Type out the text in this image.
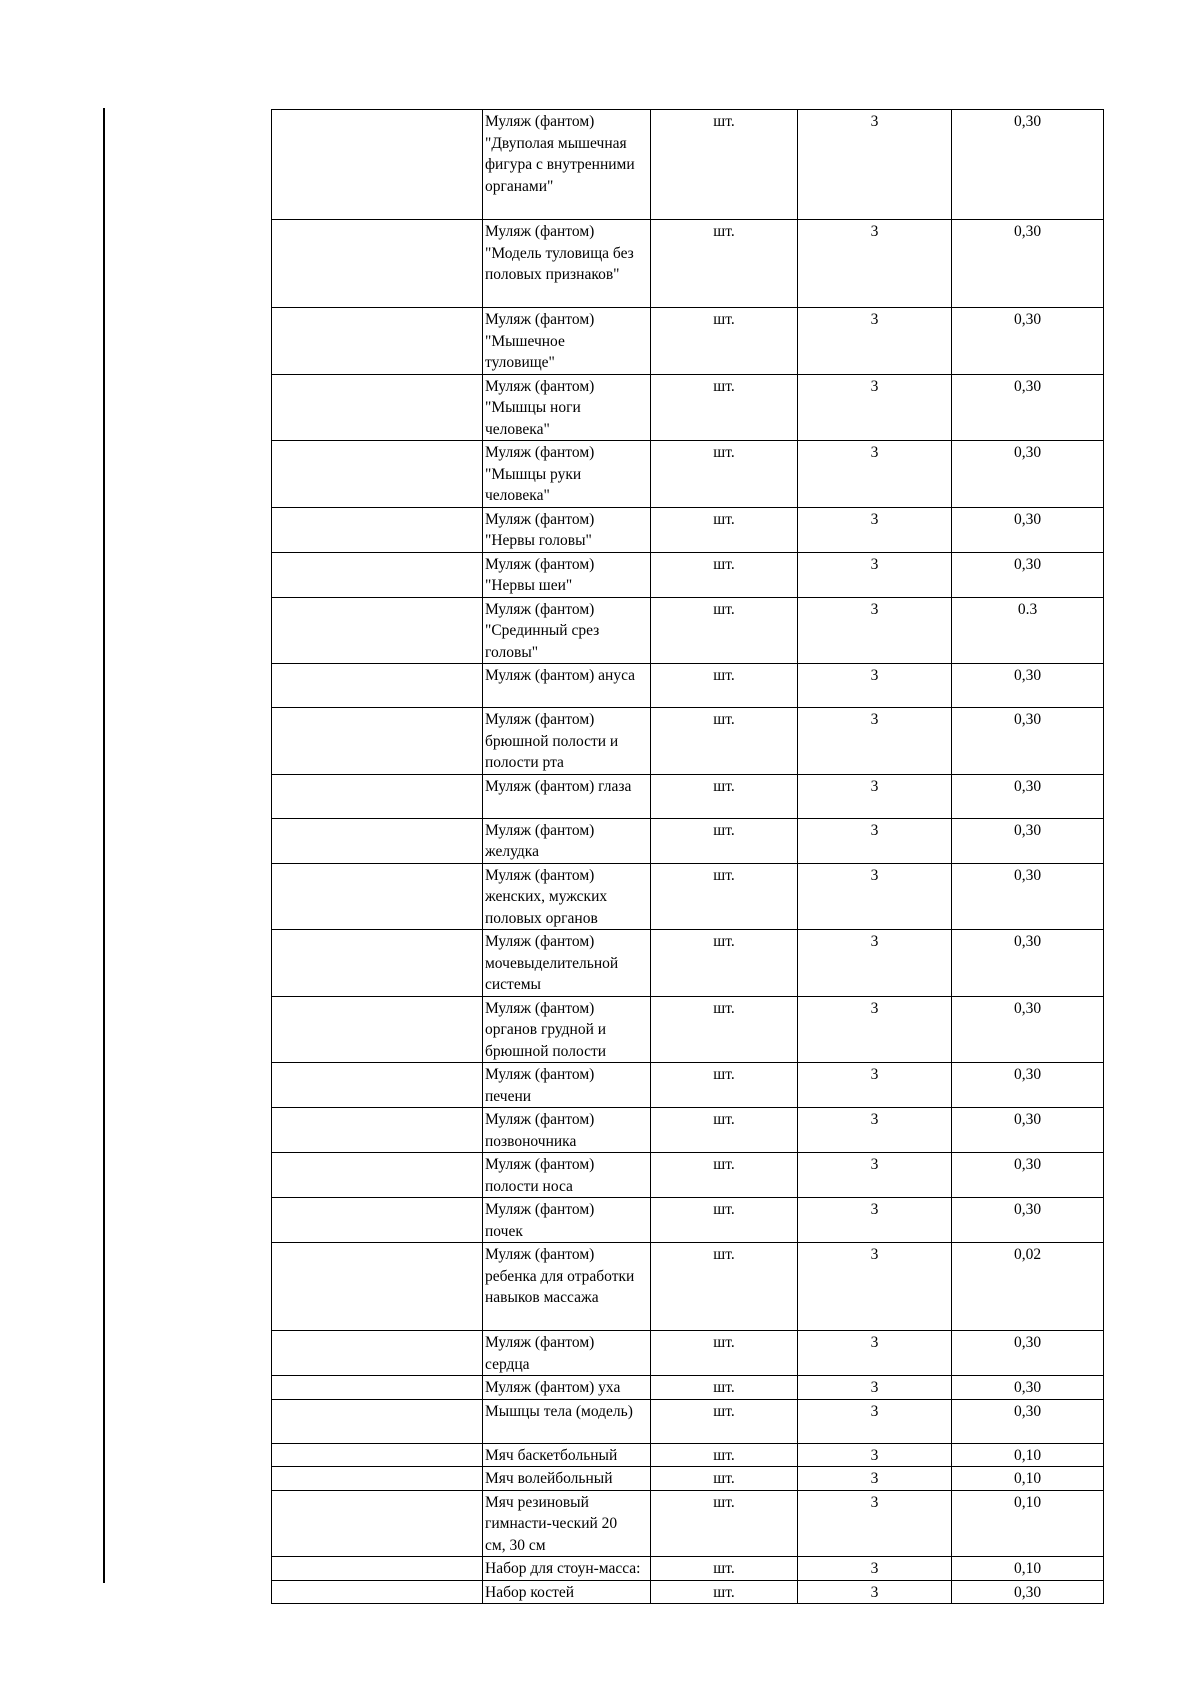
	Муляж (фантом)
"Двуполая мышечная
фигура с внутренними
органами"	шт.	3	0,30
	Муляж (фантом)
"Модель туловища без
половых признаков"	шт.	3	0,30
	Муляж (фантом)
"Мышечное
туловище"	шт.	3	0,30
	Муляж (фантом)
"Мышцы ноги
человека"	шт.	3	0,30
	Муляж (фантом)
"Мышцы руки
человека"	шт.	3	0,30
	Муляж (фантом)
"Нервы головы"	шт.	3	0,30
	Муляж (фантом)
"Нервы шеи"	шт.	3	0,30
	Муляж (фантом)
"Срединный срез
головы"	шт.	3	0.3
	Муляж (фантом) ануса	шт.	3	0,30
	Муляж (фантом)
брюшной полости и
полости рта	шт.	3	0,30
	Муляж (фантом) глаза	шт.	3	0,30
	Муляж (фантом)
желудка	шт.	3	0,30
	Муляж (фантом)
женских, мужских
половых органов	шт.	3	0,30
	Муляж (фантом)
мочевыделительной
системы	шт.	3	0,30
	Муляж (фантом)
органов грудной и
брюшной полости	шт.	3	0,30
	Муляж (фантом)
печени	шт.	3	0,30
	Муляж (фантом)
позвоночника	шт.	3	0,30
	Муляж (фантом)
полости носа	шт.	3	0,30
	Муляж (фантом)
почек	шт.	3	0,30
	Муляж (фантом)
ребенка для отработки
навыков массажа	шт.	3	0,02
	Муляж (фантом)
сердца	шт.	3	0,30
	Муляж (фантом) уха	шт.	3	0,30
	Мышцы тела (модель)	шт.	3	0,30
	Мяч баскетбольный	шт.	3	0,10
	Мяч волейбольный	шт.	3	0,10
	Мяч резиновый
гимнасти-ческий 20
см, 30 см	шт.	3	0,10
	Набор для стоун-масса:	шт.	3	0,10
	Набор костей	шт.	3	0,30
